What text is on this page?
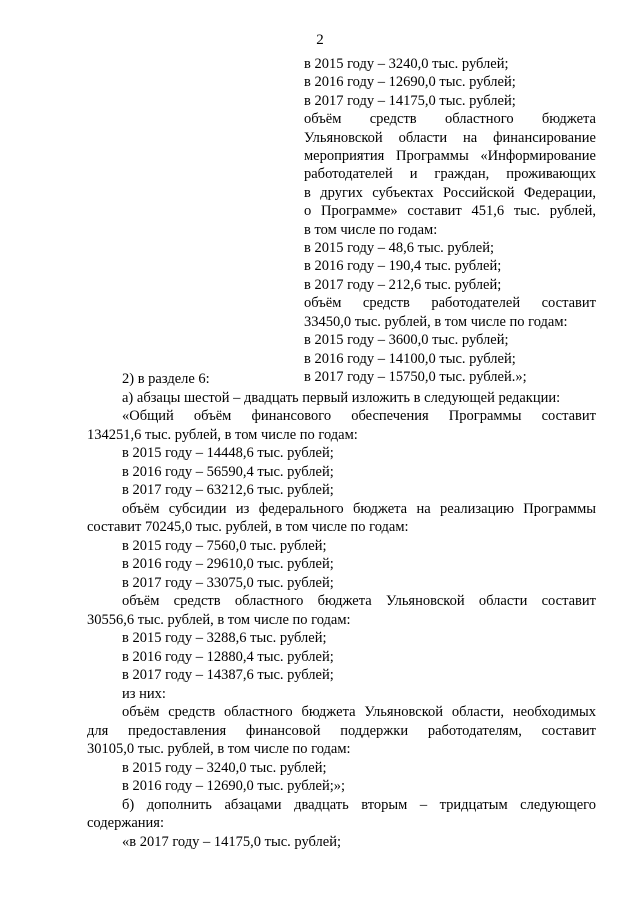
2
в 2015 году – 3240,0 тыс. рублей;
в 2016 году – 12690,0 тыс. рублей;
в 2017 году – 14175,0 тыс. рублей;
объём средств областного бюджета
Ульяновской области на финансирование
мероприятия Программы «Информирование
работодателей и граждан, проживающих
в других субъектах Российской Федерации,
о Программе» составит 451,6 тыс. рублей,
в том числе по годам:
в 2015 году – 48,6 тыс. рублей;
в 2016 году – 190,4 тыс. рублей;
в 2017 году – 212,6 тыс. рублей;
объём средств работодателей составит
33450,0 тыс. рублей, в том числе по годам:
в 2015 году – 3600,0 тыс. рублей;
в 2016 году – 14100,0 тыс. рублей;
в 2017 году – 15750,0 тыс. рублей.»;
2) в разделе 6:
а) абзацы шестой – двадцать первый изложить в следующей редакции:
«Общий объём финансового обеспечения Программы составит
134251,6 тыс. рублей, в том числе по годам:
в 2015 году – 14448,6 тыс. рублей;
в 2016 году – 56590,4 тыс. рублей;
в 2017 году – 63212,6 тыс. рублей;
объём субсидии из федерального бюджета на реализацию Программы
составит 70245,0 тыс. рублей, в том числе по годам:
в 2015 году – 7560,0 тыс. рублей;
в 2016 году – 29610,0 тыс. рублей;
в 2017 году – 33075,0 тыс. рублей;
объём средств областного бюджета Ульяновской области составит
30556,6 тыс. рублей, в том числе по годам:
в 2015 году – 3288,6 тыс. рублей;
в 2016 году – 12880,4 тыс. рублей;
в 2017 году – 14387,6 тыс. рублей;
из них:
объём средств областного бюджета Ульяновской области, необходимых
для предоставления финансовой поддержки работодателям, составит
30105,0 тыс. рублей, в том числе по годам:
в 2015 году – 3240,0 тыс. рублей;
в 2016 году – 12690,0 тыс. рублей;»;
б) дополнить абзацами двадцать вторым – тридцатым следующего
содержания:
«в 2017 году – 14175,0 тыс. рублей;
